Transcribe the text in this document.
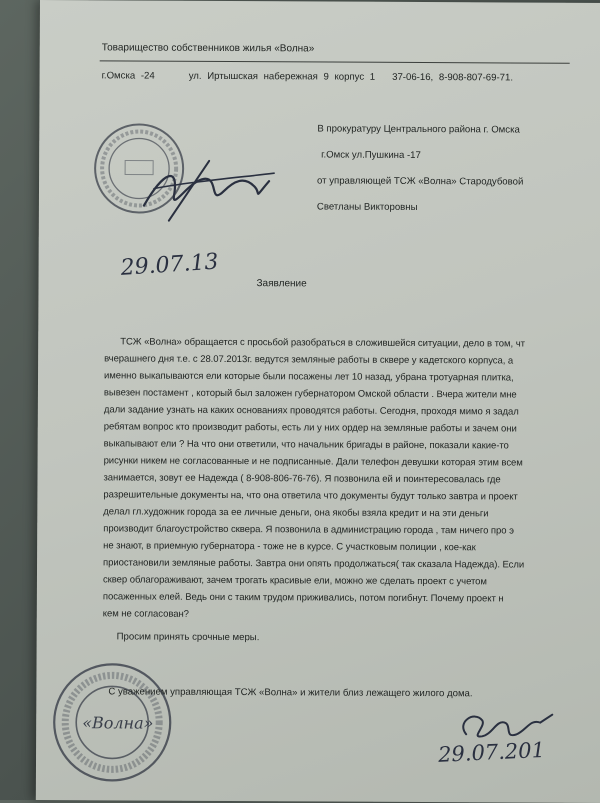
Товарищество собственников жилья «Волна»
г.Омска -24	ул. Иртышская набережная 9 корпус 1 37-06-16, 8-908-807-69-71.
В прокуратуру Центрального района г. Омска
г.Омск ул.Пушкина -17
от управляющей ТСЖ «Волна» Стародубовой
Светланы Викторовны
29.07.13
Заявление
ТСЖ «Волна» обращается с просьбой разобраться в сложившейся ситуации, дело в том, чт
вчерашнего дня т.е. с 28.07.2013г. ведутся земляные работы в сквере у кадетского корпуса, а
именно выкапываются ели которые были посажены лет 10 назад, убрана тротуарная плитка,
вывезен постамент , который был заложен губернатором Омской области . Вчера жители мне
дали задание узнать на каких основаниях проводятся работы. Сегодня, проходя мимо я задал
ребятам вопрос кто производит работы, есть ли у них ордер на земляные работы и зачем они
выкапывают ели ? На что они ответили, что начальник бригады в районе, показали какие-то
рисунки никем не согласованные и не подписанные. Дали телефон девушки которая этим всем
занимается, зовут ее Надежда ( 8-908-806-76-76). Я позвонила ей и поинтересовалась где
разрешительные документы на, что она ответила что документы будут только завтра и проект
делал гл.художник города за ее личные деньги, она якобы взяла кредит и на эти деньги
производит благоустройство сквера. Я позвонила в администрацию города , там ничего про э
не знают, в приемную губернатора - тоже не в курсе. С участковым полиции , кое-как
приостановили земляные работы. Завтра они опять продолжаться( так сказала Надежда). Если
сквер облагораживают, зачем трогать красивые ели, можно же сделать проект с учетом
посаженных елей. Ведь они с таким трудом приживались, потом погибнут. Почему проект н
кем не согласован?
Просим принять срочные меры.
«Волна»
С уважением управляющая ТСЖ «Волна» и жители близ лежащего жилого дома.
29.07.201
